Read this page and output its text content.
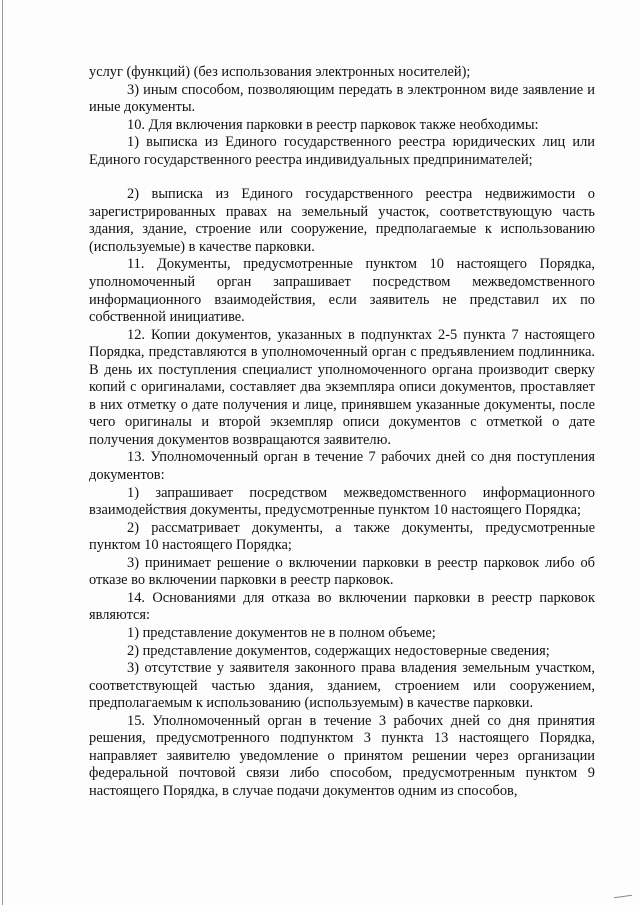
услуг (функций) (без использования электронных носителей);

3) иным способом, позволяющим передать в электронном виде заявление и иные документы.

10. Для включения парковки в реестр парковок также необходимы:

1) выписка из Единого государственного реестра юридических лиц или Единого государственного реестра индивидуальных предпринимателей;

2) выписка из Единого государственного реестра недвижимости о зарегистрированных правах на земельный участок, соответствующую часть здания, здание, строение или сооружение, предполагаемые к использованию (используемые) в качестве парковки.

11. Документы, предусмотренные пунктом 10 настоящего Порядка, уполномоченный орган запрашивает посредством межведомственного информационного взаимодействия, если заявитель не представил их по собственной инициативе.

12. Копии документов, указанных в подпунктах 2-5 пункта 7 настоящего Порядка, представляются в уполномоченный орган с предъявлением подлинника. В день их поступления специалист уполномоченного органа производит сверку копий с оригиналами, составляет два экземпляра описи документов, проставляет в них отметку о дате получения и лице, принявшем указанные документы, после чего оригиналы и второй экземпляр описи документов с отметкой о дате получения документов возвращаются заявителю.

13. Уполномоченный орган в течение 7 рабочих дней со дня поступления документов:

1) запрашивает посредством межведомственного информационного взаимодействия документы, предусмотренные пунктом 10 настоящего Порядка;

2) рассматривает документы, а также документы, предусмотренные пунктом 10 настоящего Порядка;

3) принимает решение о включении парковки в реестр парковок либо об отказе во включении парковки в реестр парковок.

14. Основаниями для отказа во включении парковки в реестр парковок являются:

1) представление документов не в полном объеме;

2) представление документов, содержащих недостоверные сведения;

3) отсутствие у заявителя законного права владения земельным участком, соответствующей частью здания, зданием, строением или сооружением, предполагаемым к использованию (используемым) в качестве парковки.

15. Уполномоченный орган в течение 3 рабочих дней со дня принятия решения, предусмотренного подпунктом 3 пункта 13 настоящего Порядка, направляет заявителю уведомление о принятом решении через организации федеральной почтовой связи либо способом, предусмотренным пунктом 9 настоящего Порядка, в случае подачи документов одним из способов,
